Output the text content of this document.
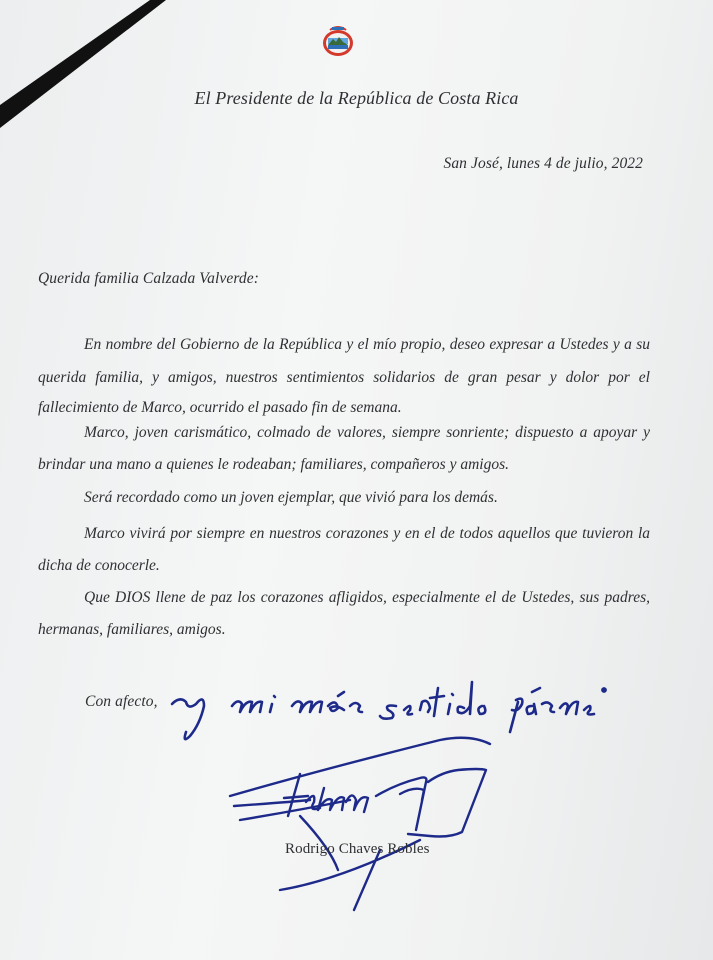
El Presidente de la República de Costa Rica
San José, lunes 4 de julio, 2022
Querida familia Calzada Valverde:
En nombre del Gobierno de la República y el mío propio, deseo expresar a Ustedes y a su
querida familia, y amigos, nuestros sentimientos solidarios de gran pesar y dolor por el
fallecimiento de Marco, ocurrido el pasado fin de semana.
Marco, joven carismático, colmado de valores, siempre sonriente; dispuesto a apoyar y
brindar una mano a quienes le rodeaban; familiares, compañeros y amigos.
Será recordado como un joven ejemplar, que vivió para los demás.
Marco vivirá por siempre en nuestros corazones y en el de todos aquellos que tuvieron la
dicha de conocerle.
Que DIOS llene de paz los corazones afligidos, especialmente el de Ustedes, sus padres,
hermanas, familiares, amigos.
Con afecto,
Rodrigo Chaves Robles
